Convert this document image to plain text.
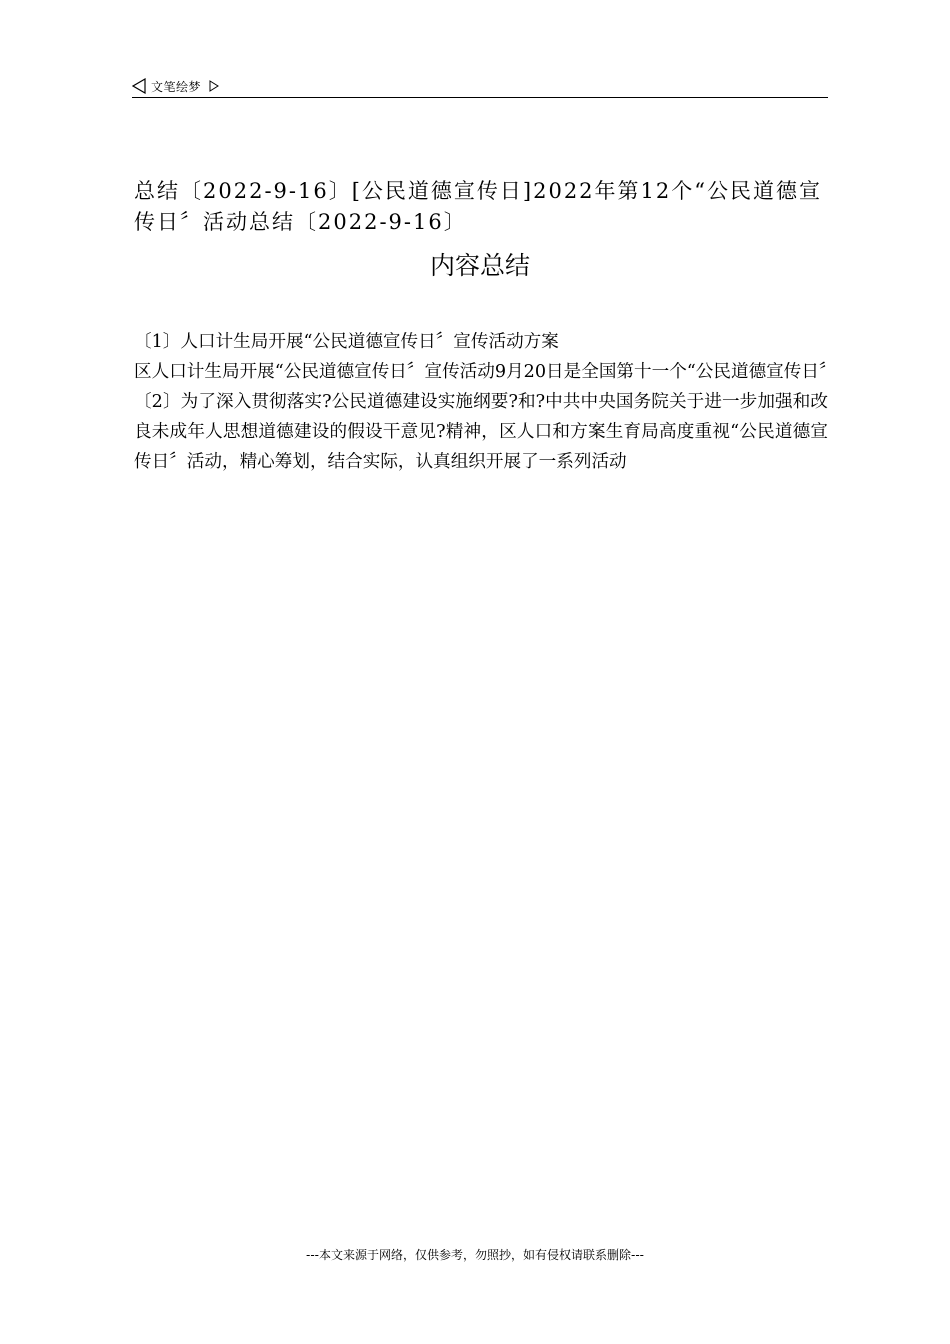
文笔绘梦
总结〔2022-9-16〕[公民道德宣传日]2022年第12个“公民道德宣传日〞活动总结〔2022-9-16〕
内容总结

〔1〕人口计生局开展“公民道德宣传日〞宣传活动方案

区人口计生局开展“公民道德宣传日〞宣传活动9月20日是全国第十一个“公民道德宣传日〞

〔2〕为了深入贯彻落实?公民道德建设实施纲要?和?中共中央国务院关于进一步加强和改良未成年人思想道德建设的假设干意见?精神，区人口和方案生育局高度重视“公民道德宣传日〞活动，精心筹划，结合实际，认真组织开展了一系列活动

---本文来源于网络，仅供参考，勿照抄，如有侵权请联系删除---
